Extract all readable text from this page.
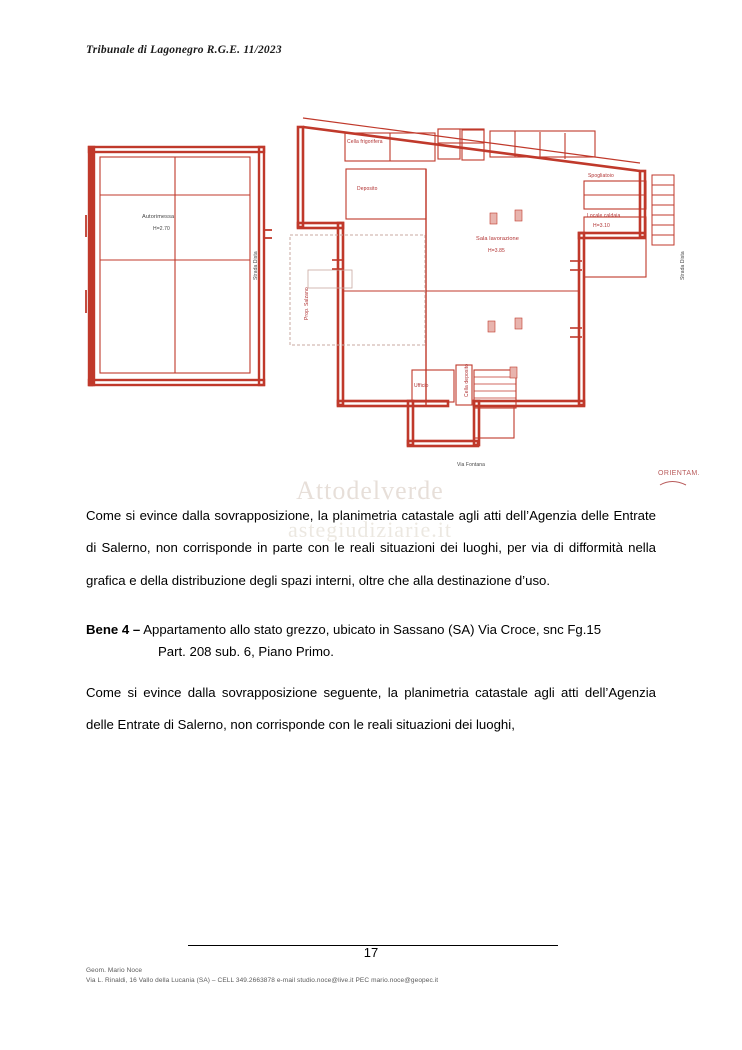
Tribunale di Lagonegro R.G.E. 11/2023
Autorimessa
H=2.70
Strada Dista	Strada Dista
Cella frigorifera
Deposito
Prop. Salzano
Sala lavorazione
H=3.85
Spogliatoio
Locale caldaia
H=3.10
Ufficio	Cella deposito
Via Fontana
ORIENTAM.
Attodelverde
astegiudiziarie.it

Come si evince dalla sovrapposizione, la planimetria catastale agli atti dell’Agenzia delle Entrate di Salerno, non corrisponde in parte con le reali situazioni dei luoghi, per via di difformità nella grafica e della distribuzione degli spazi interni, oltre che alla destinazione d’uso.

Bene 4 – Appartamento allo stato grezzo, ubicato in Sassano (SA) Via Croce, snc Fg.15
Part. 208 sub. 6, Piano Primo.

Come si evince dalla sovrapposizione seguente, la planimetria catastale agli atti dell’Agenzia delle Entrate di Salerno, non corrisponde con le reali situazioni dei luoghi,

17
Geom. Mario Noce
Via L. Rinaldi, 16 Vallo della Lucania (SA) – CELL 349.2663878 e-mail studio.noce@live.it PEC mario.noce@geopec.it
